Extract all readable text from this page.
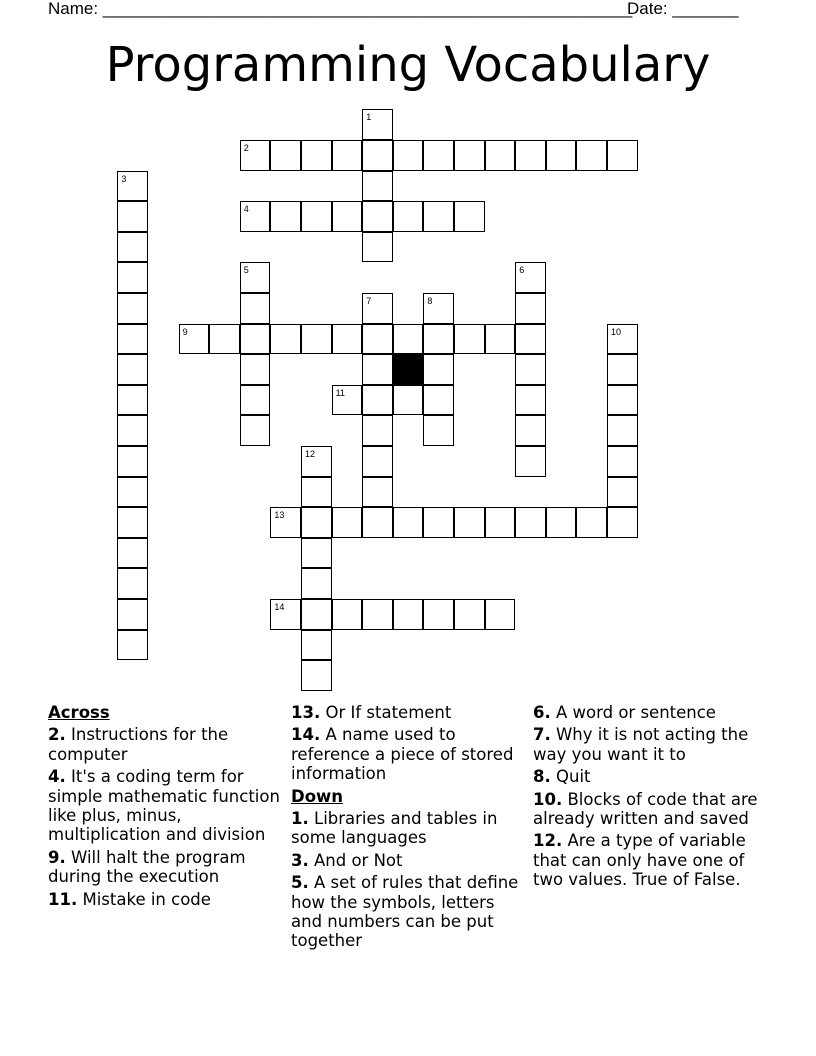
Name: ________________________________________________________
Date: _______
Programming Vocabulary
1
2
3
4
5	6
7	8
9	10
11
12
13
14
Across
2. Instructions for the computer
4. It's a coding term for simple mathematic function like plus, minus, multiplication and division
9. Will halt the program during the execution
11. Mistake in code
13. Or If statement
14. A name used to reference a piece of stored information
Down
1. Libraries and tables in some languages
3. And or Not
5. A set of rules that define how the symbols, letters and numbers can be put together
6. A word or sentence
7. Why it is not acting the way you want it to
8. Quit
10. Blocks of code that are already written and saved
12. Are a type of variable that can only have one of two values. True of False.
